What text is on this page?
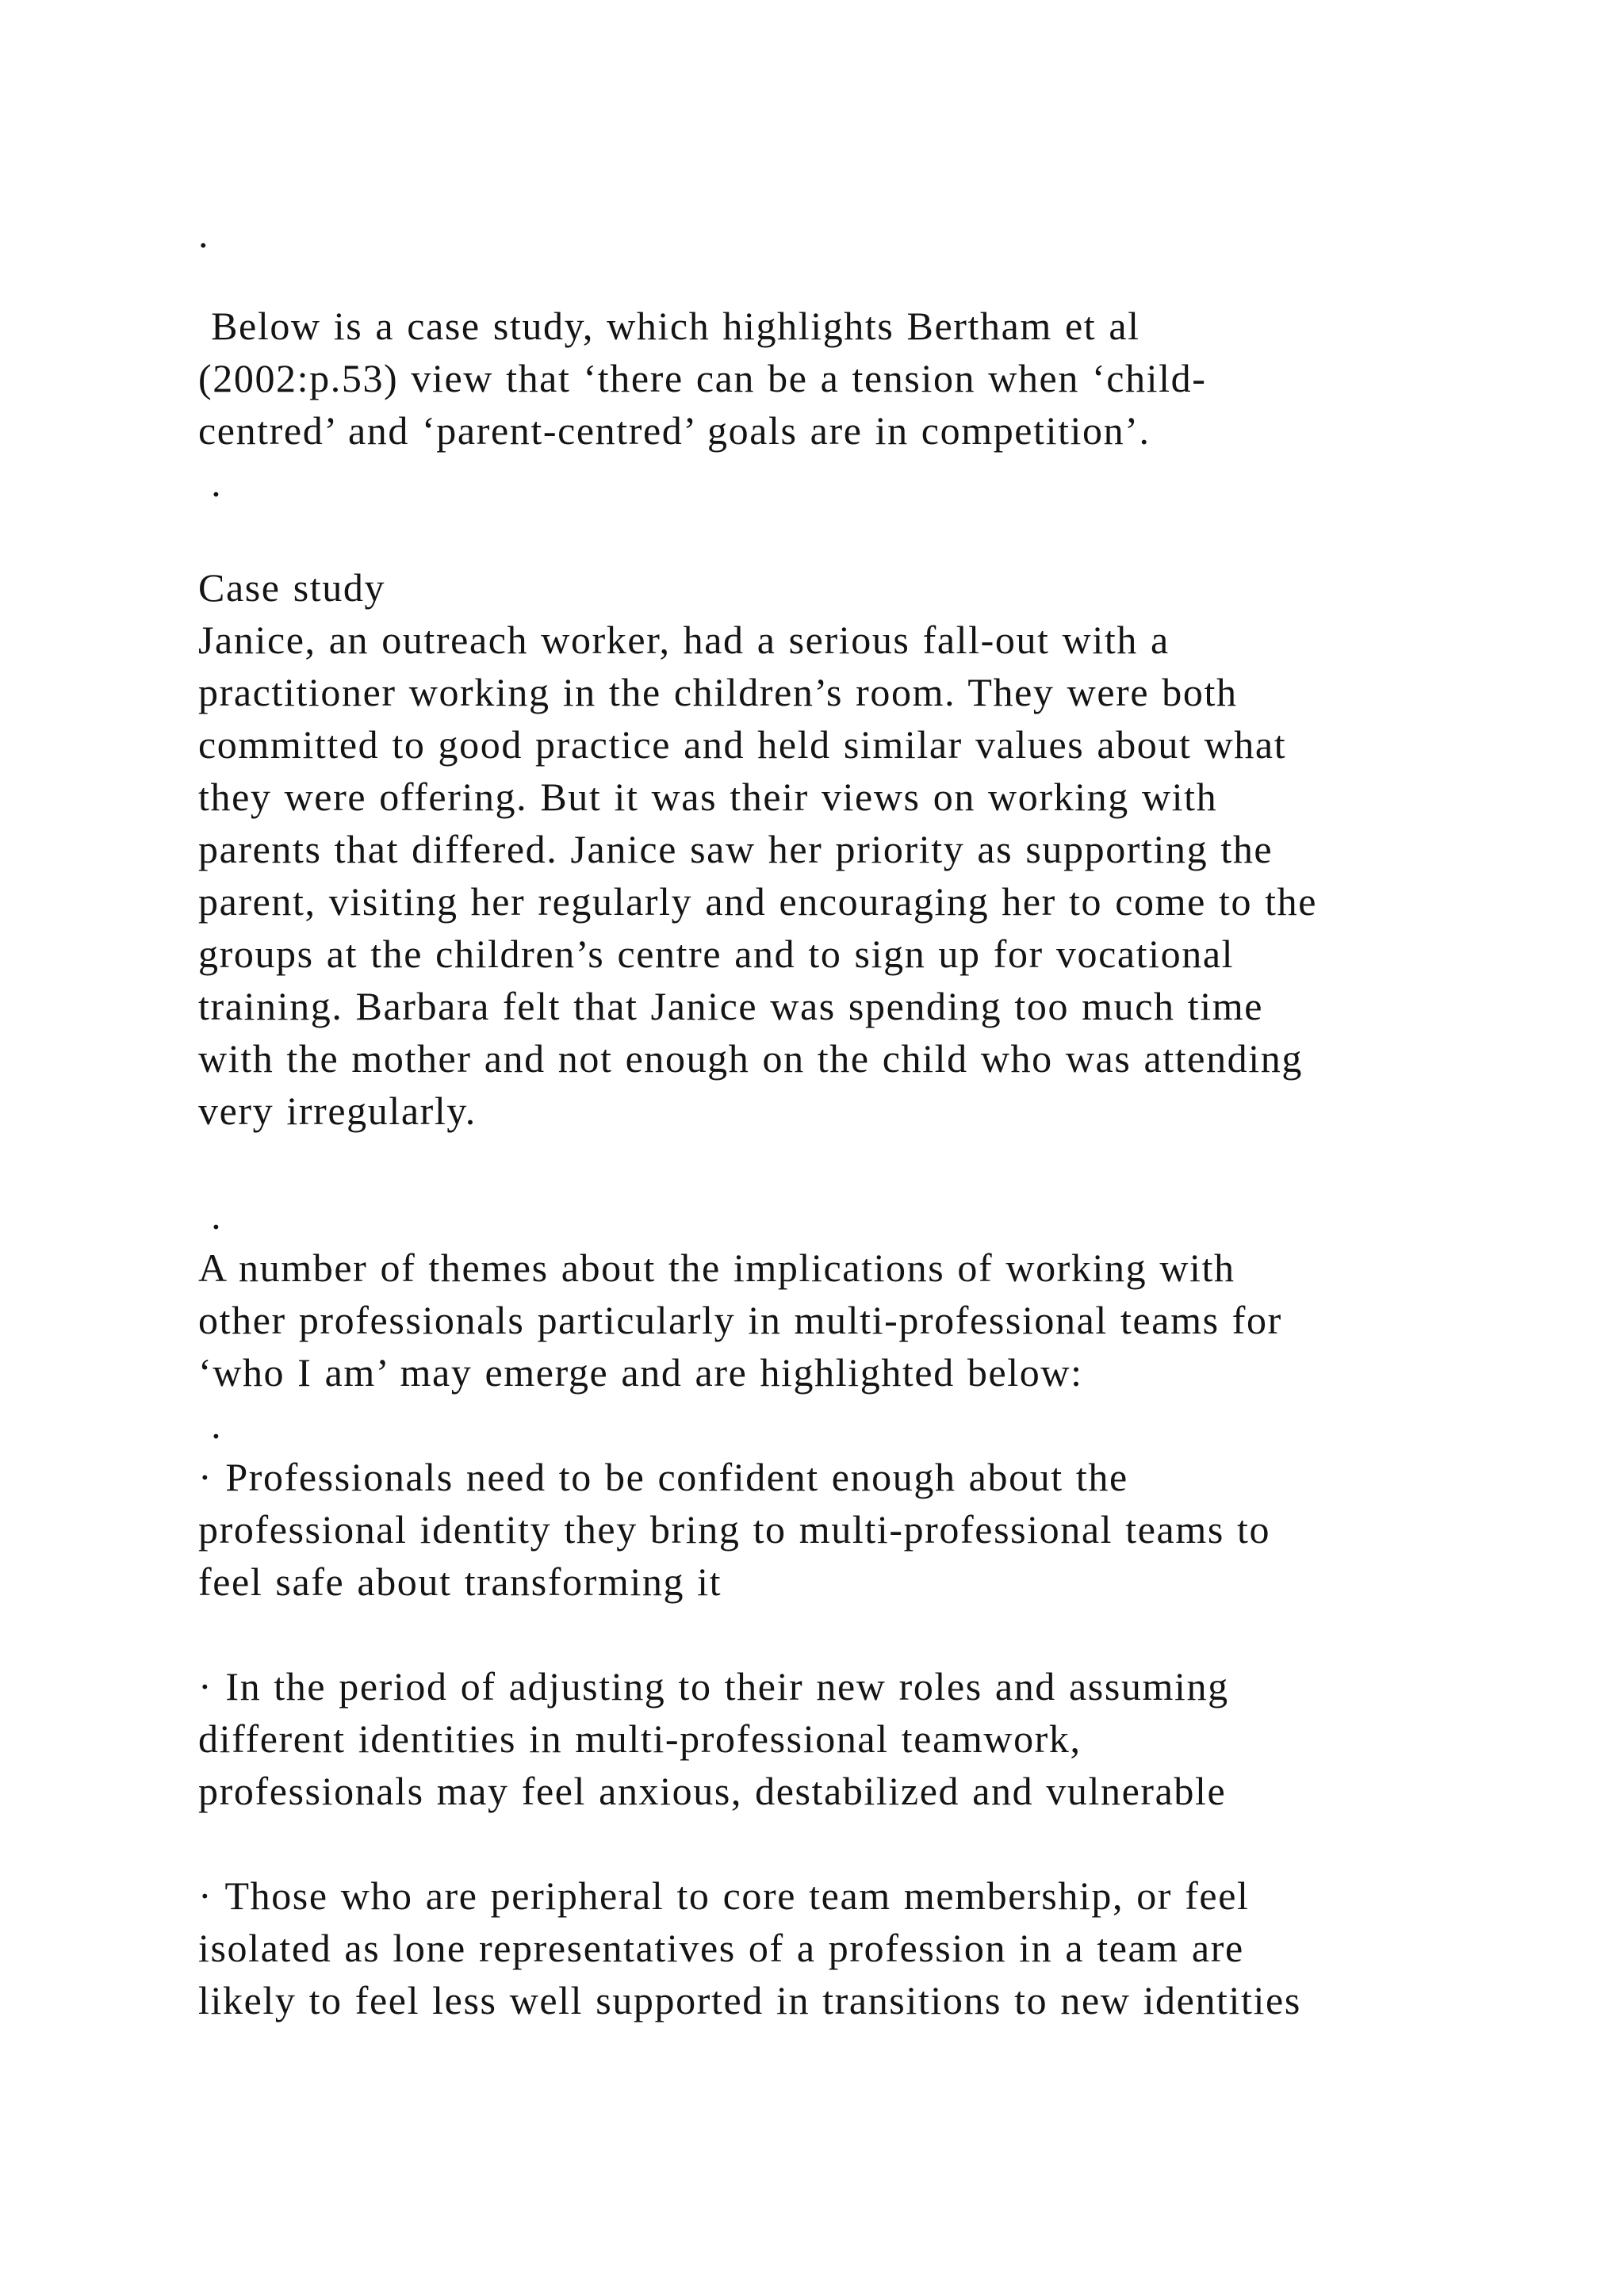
.
Below is a case study, which highlights Bertham et al
(2002:p.53) view that ‘there can be a tension when ‘child-
centred’ and ‘parent-centred’ goals are in competition’.
.
Case study
Janice, an outreach worker, had a serious fall-out with a
practitioner working in the children’s room. They were both
committed to good practice and held similar values about what
they were offering. But it was their views on working with
parents that differed. Janice saw her priority as supporting the
parent, visiting her regularly and encouraging her to come to the
groups at the children’s centre and to sign up for vocational
training. Barbara felt that Janice was spending too much time
with the mother and not enough on the child who was attending
very irregularly.
.
A number of themes about the implications of working with
other professionals particularly in multi-professional teams for
‘who I am’ may emerge and are highlighted below:
.
· Professionals need to be confident enough about the
professional identity they bring to multi-professional teams to
feel safe about transforming it
· In the period of adjusting to their new roles and assuming
different identities in multi-professional teamwork,
professionals may feel anxious, destabilized and vulnerable
· Those who are peripheral to core team membership, or feel
isolated as lone representatives of a profession in a team are
likely to feel less well supported in transitions to new identities
